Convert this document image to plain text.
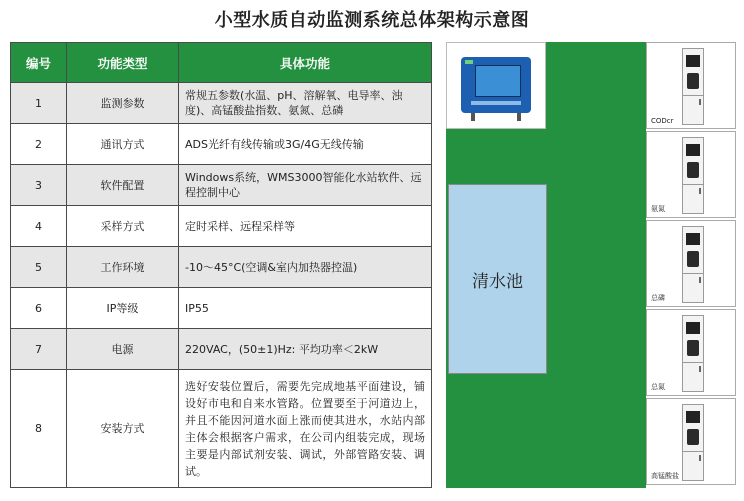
小型水质自动监测系统总体架构示意图
编号	功能类型	具体功能
1	监测参数	常规五参数(水温、pH、溶解氧、电导率、浊度)、高锰酸盐指数、氨氮、总磷
2	通讯方式	ADS光纤有线传输或3G/4G无线传输
3	软件配置	Windows系统，WMS3000智能化水站软件、远程控制中心
4	采样方式	定时采样、远程采样等
5	工作环境	-10～45°C(空调&室内加热器控温)
6	IP等级	IP55
7	电源	220VAC，(50±1)Hz: 平均功率＜2kW
8	安装方式	选好安装位置后，需要先完成地基平面建设，铺设好市电和自来水管路。位置要至于河道边上，并且不能因河道水面上涨而使其进水，水站内部主体会根据客户需求，在公司内组装完成，现场主要是内部试剂安装、调试，外部管路安装、调试。
清水池
CODcr
氨氮
总磷
总氮
高锰酸盐
